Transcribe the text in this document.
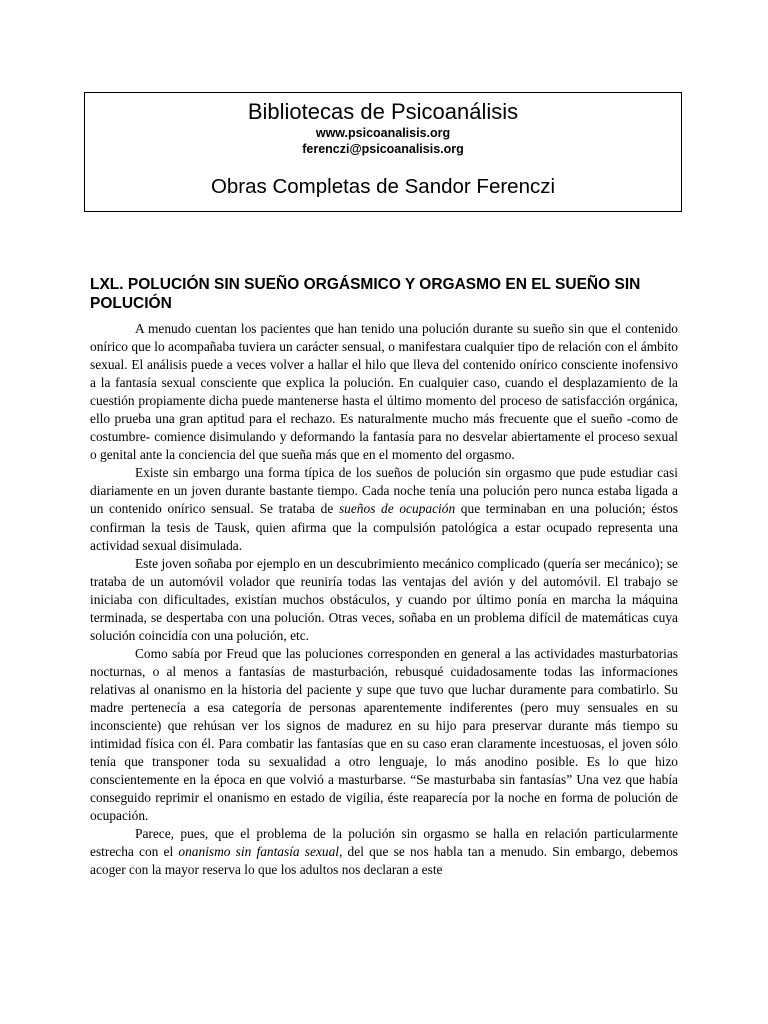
Bibliotecas de Psicoanálisis
www.psicoanalisis.org
ferenczi@psicoanalisis.org
Obras Completas de Sandor Ferenczi
LXL. POLUCIÓN SIN SUEÑO ORGÁSMICO Y ORGASMO EN EL SUEÑO SIN POLUCIÓN

A menudo cuentan los pacientes que han tenido una polución durante su sueño sin que el contenido onírico que lo acompañaba tuviera un carácter sensual, o manifestara cualquier tipo de relación con el ámbito sexual. El análisis puede a veces volver a hallar el hilo que lleva del contenido onírico consciente inofensivo a la fantasía sexual consciente que explica la polución. En cualquier caso, cuando el desplazamiento de la cuestión propiamente dicha puede mantenerse hasta el último momento del proceso de satisfacción orgánica, ello prueba una gran aptitud para el rechazo. Es naturalmente mucho más frecuente que el sueño -como de costumbre- comience disimulando y deformando la fantasía para no desvelar abiertamente el proceso sexual o genital ante la conciencia del que sueña más que en el momento del orgasmo.

Existe sin embargo una forma típica de los sueños de polución sin orgasmo que pude estudiar casi diariamente en un joven durante bastante tiempo. Cada noche tenía una polución pero nunca estaba ligada a un contenido onírico sensual. Se trataba de sueños de ocupación que terminaban en una polución; éstos confirman la tesis de Tausk, quien afirma que la compulsión patológica a estar ocupado representa una actividad sexual disimulada.

Este joven soñaba por ejemplo en un descubrimiento mecánico complicado (quería ser mecánico); se trataba de un automóvil volador que reuniría todas las ventajas del avión y del automóvil. El trabajo se iniciaba con dificultades, existían muchos obstáculos, y cuando por último ponía en marcha la máquina terminada, se despertaba con una polución. Otras veces, soñaba en un problema difícil de matemáticas cuya solución coincidía con una polución, etc.

Como sabía por Freud que las poluciones corresponden en general a las actividades masturbatorias nocturnas, o al menos a fantasías de masturbación, rebusqué cuidadosamente todas las informaciones relativas al onanismo en la historia del paciente y supe que tuvo que luchar duramente para combatirlo. Su madre pertenecía a esa categoría de personas aparentemente indiferentes (pero muy sensuales en su inconsciente) que rehúsan ver los signos de madurez en su hijo para preservar durante más tiempo su intimidad física con él. Para combatir las fantasías que en su caso eran claramente incestuosas, el joven sólo tenía que transponer toda su sexualidad a otro lenguaje, lo más anodino posible. Es lo que hizo conscientemente en la época en que volvió a masturbarse. “Se masturbaba sin fantasías” Una vez que había conseguido reprimir el onanismo en estado de vigilia, éste reaparecía por la noche en forma de polución de ocupación.

Parece, pues, que el problema de la polución sin orgasmo se halla en relación particularmente estrecha con el onanismo sin fantasía sexual, del que se nos habla tan a menudo. Sin embargo, debemos acoger con la mayor reserva lo que los adultos nos declaran a este
